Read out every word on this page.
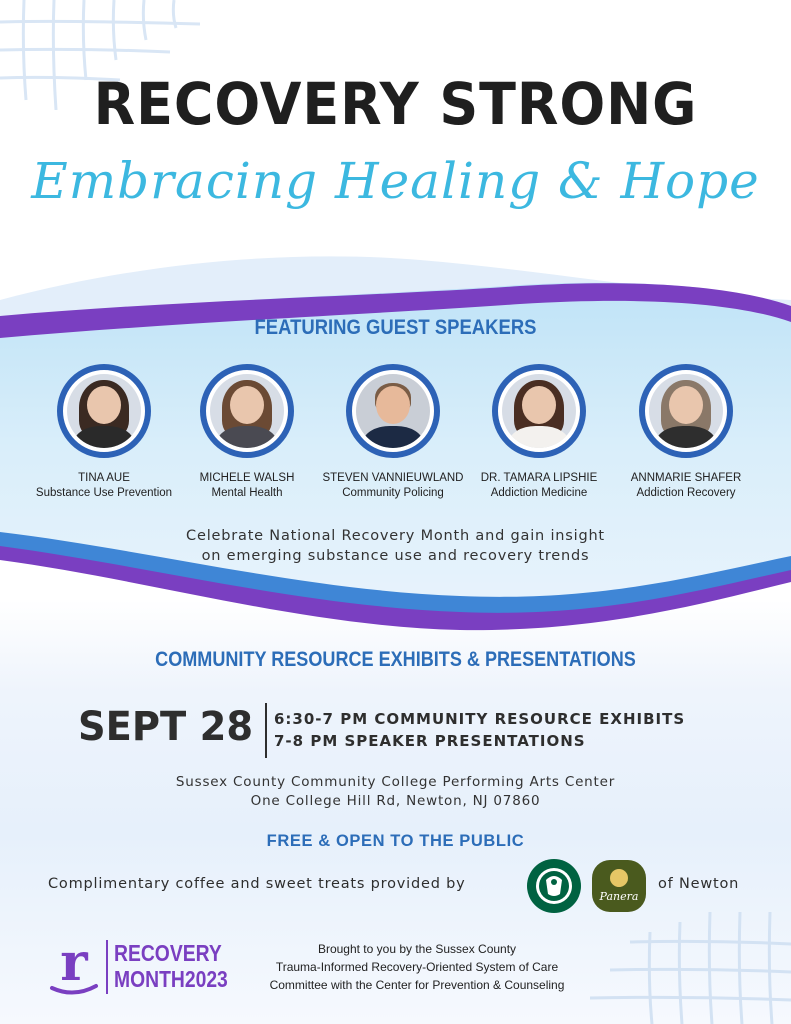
RECOVERY STRONG
Embracing Healing & Hope
FEATURING GUEST SPEAKERS
TINA AUE
Substance Use Prevention
MICHELE WALSH
Mental Health
STEVEN VANNIEUWLAND
Community Policing
DR. TAMARA LIPSHIE
Addiction Medicine
ANNMARIE SHAFER
Addiction Recovery
Celebrate National Recovery Month and gain insight
on emerging substance use and recovery trends
COMMUNITY RESOURCE EXHIBITS & PRESENTATIONS
SEPT 28 6:30-7 PM COMMUNITY RESOURCE EXHIBITS
7-8 PM SPEAKER PRESENTATIONS
Sussex County Community College Performing Arts Center
One College Hill Rd, Newton, NJ 07860
FREE & OPEN TO THE PUBLIC
Complimentary coffee and sweet treats provided by
Panera
of Newton
r RECOVERY
MONTH2023
Brought to you by the Sussex County
Trauma-Informed Recovery-Oriented System of Care
Committee with the Center for Prevention & Counseling
